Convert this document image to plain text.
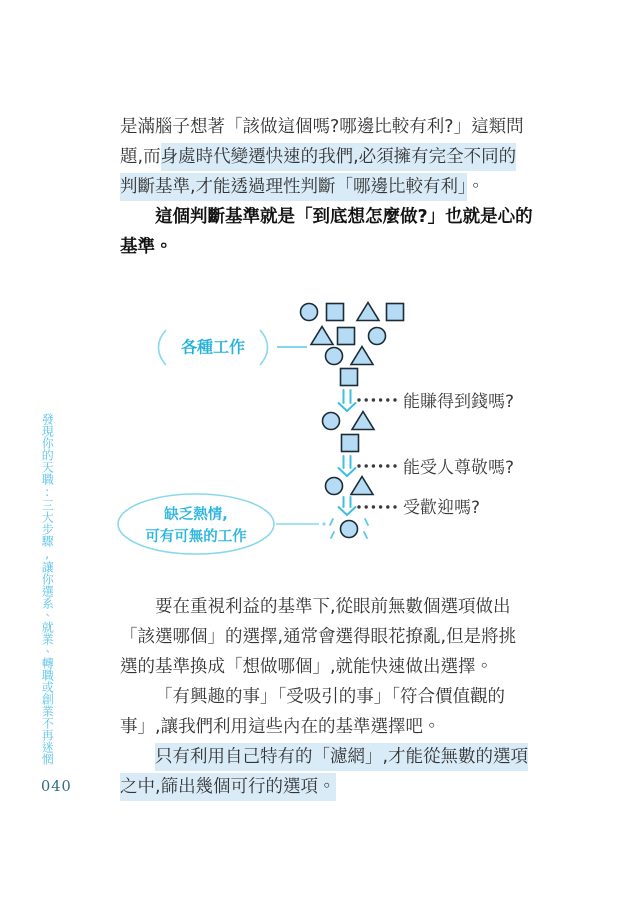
發現你的天職:三大步驟,讓你選系、就業、轉職或創業不再迷惘
040
是滿腦子想著「該做這個嗎?哪邊比較有利?」這類問
題,而身處時代變遷快速的我們,必須擁有完全不同的
判斷基準,才能透過理性判斷「哪邊比較有利」。
這個判斷基準就是「到底想怎麼做?」也就是心的
基準。
各種工作
缺乏熱情,
可有可無的工作
能賺得到錢嗎?
能受人尊敬嗎?
受歡迎嗎?
要在重視利益的基準下,從眼前無數個選項做出
「該選哪個」的選擇,通常會選得眼花撩亂,但是將挑
選的基準換成「想做哪個」,就能快速做出選擇。
「有興趣的事」「受吸引的事」「符合價值觀的
事」,讓我們利用這些內在的基準選擇吧。
只有利用自己特有的「濾網」,才能從無數的選項
之中,篩出幾個可行的選項。
